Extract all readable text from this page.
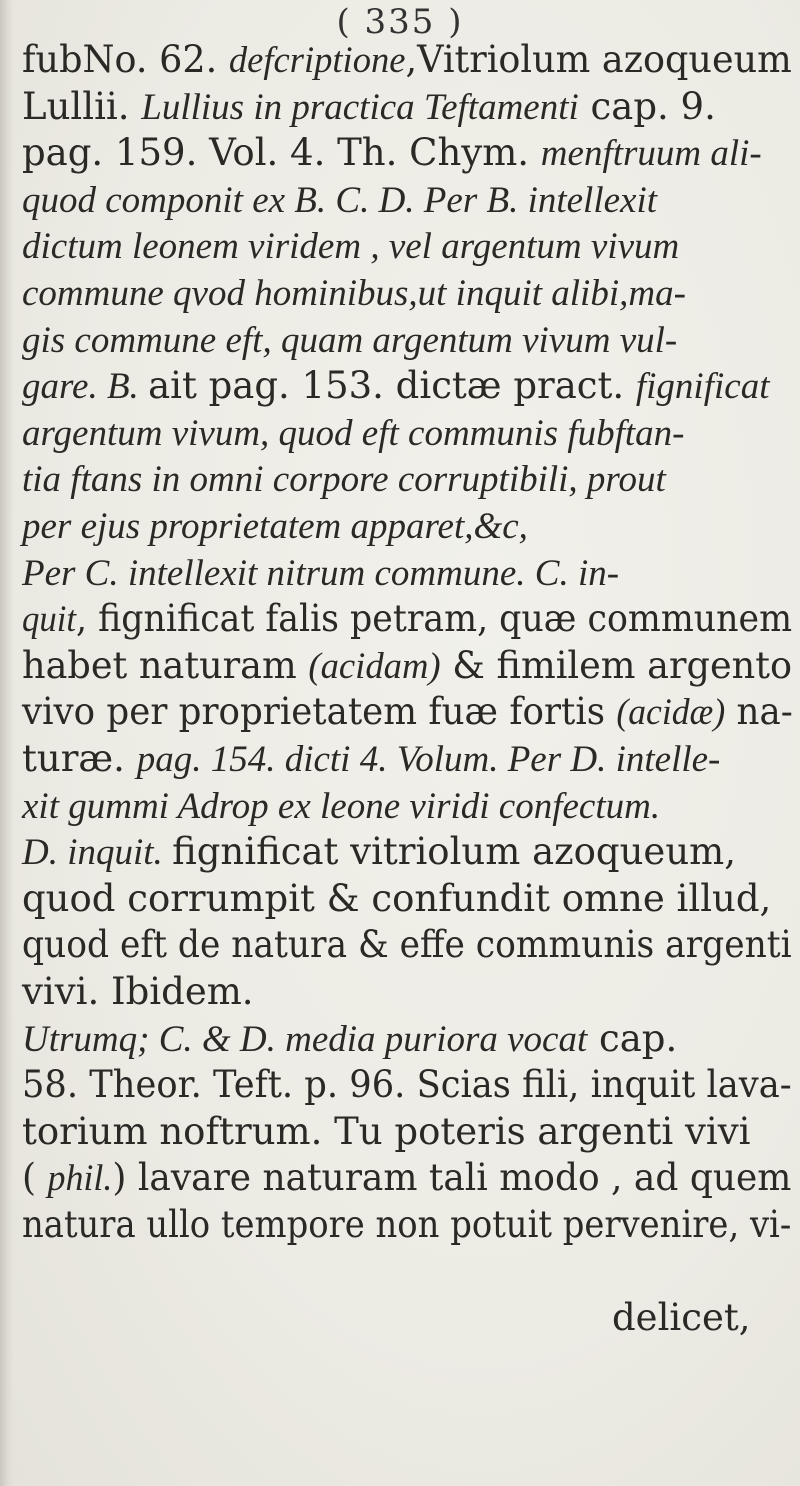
( 335 )
fubNo. 62. defcriptione,Vitriolum azoqueum
Lullii. Lullius in practica Teftamenti cap. 9.
pag. 159. Vol. 4. Th. Chym. menftruum ali-
quod componit ex B. C. D. Per B. intellexit
dictum leonem viridem , vel argentum vivum
commune qvod hominibus,ut inquit alibi,ma-
gis commune eft, quam argentum vivum vul-
gare. B. ait pag. 153. dictæ pract. fignificat
argentum vivum, quod eft communis fubftan-
tia ftans in omni corpore corruptibili, prout
per ejus proprietatem apparet,&c,
Per C. intellexit nitrum commune. C. in-
quit, fignificat falis petram, quæ communem
habet naturam (acidam) & fimilem argento
vivo per proprietatem fuæ fortis (acidæ) na-
turæ. pag. 154. dicti 4. Volum. Per D. intelle-
xit gummi Adrop ex leone viridi confectum.
D. inquit. fignificat vitriolum azoqueum,
quod corrumpit & confundit omne illud,
quod eft de natura & effe communis argenti
vivi. Ibidem.
Utrumq; C. & D. media puriora vocat cap.
58. Theor. Teft. p. 96. Scias fili, inquit lava-
torium noftrum. Tu poteris argenti vivi
( phil.) lavare naturam tali modo , ad quem
natura ullo tempore non potuit pervenire, vi-
delicet,
